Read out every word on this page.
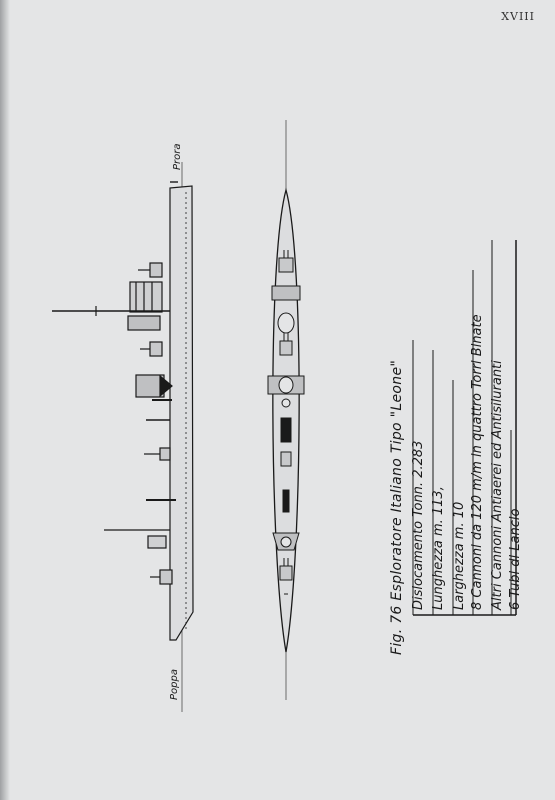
XVIII
Prora
Poppa
Fig. 76 Esploratore Italiano Tipo "Leone" Dislocamento Tonn. 2.283 Lunghezza m. 113, Larghezza m. 10 8 Cannoni da 120 m/m in quattro Torri Binate Altri Cannoni Antiaerei ed Antisiluranti 6 Tubi di Lancio
